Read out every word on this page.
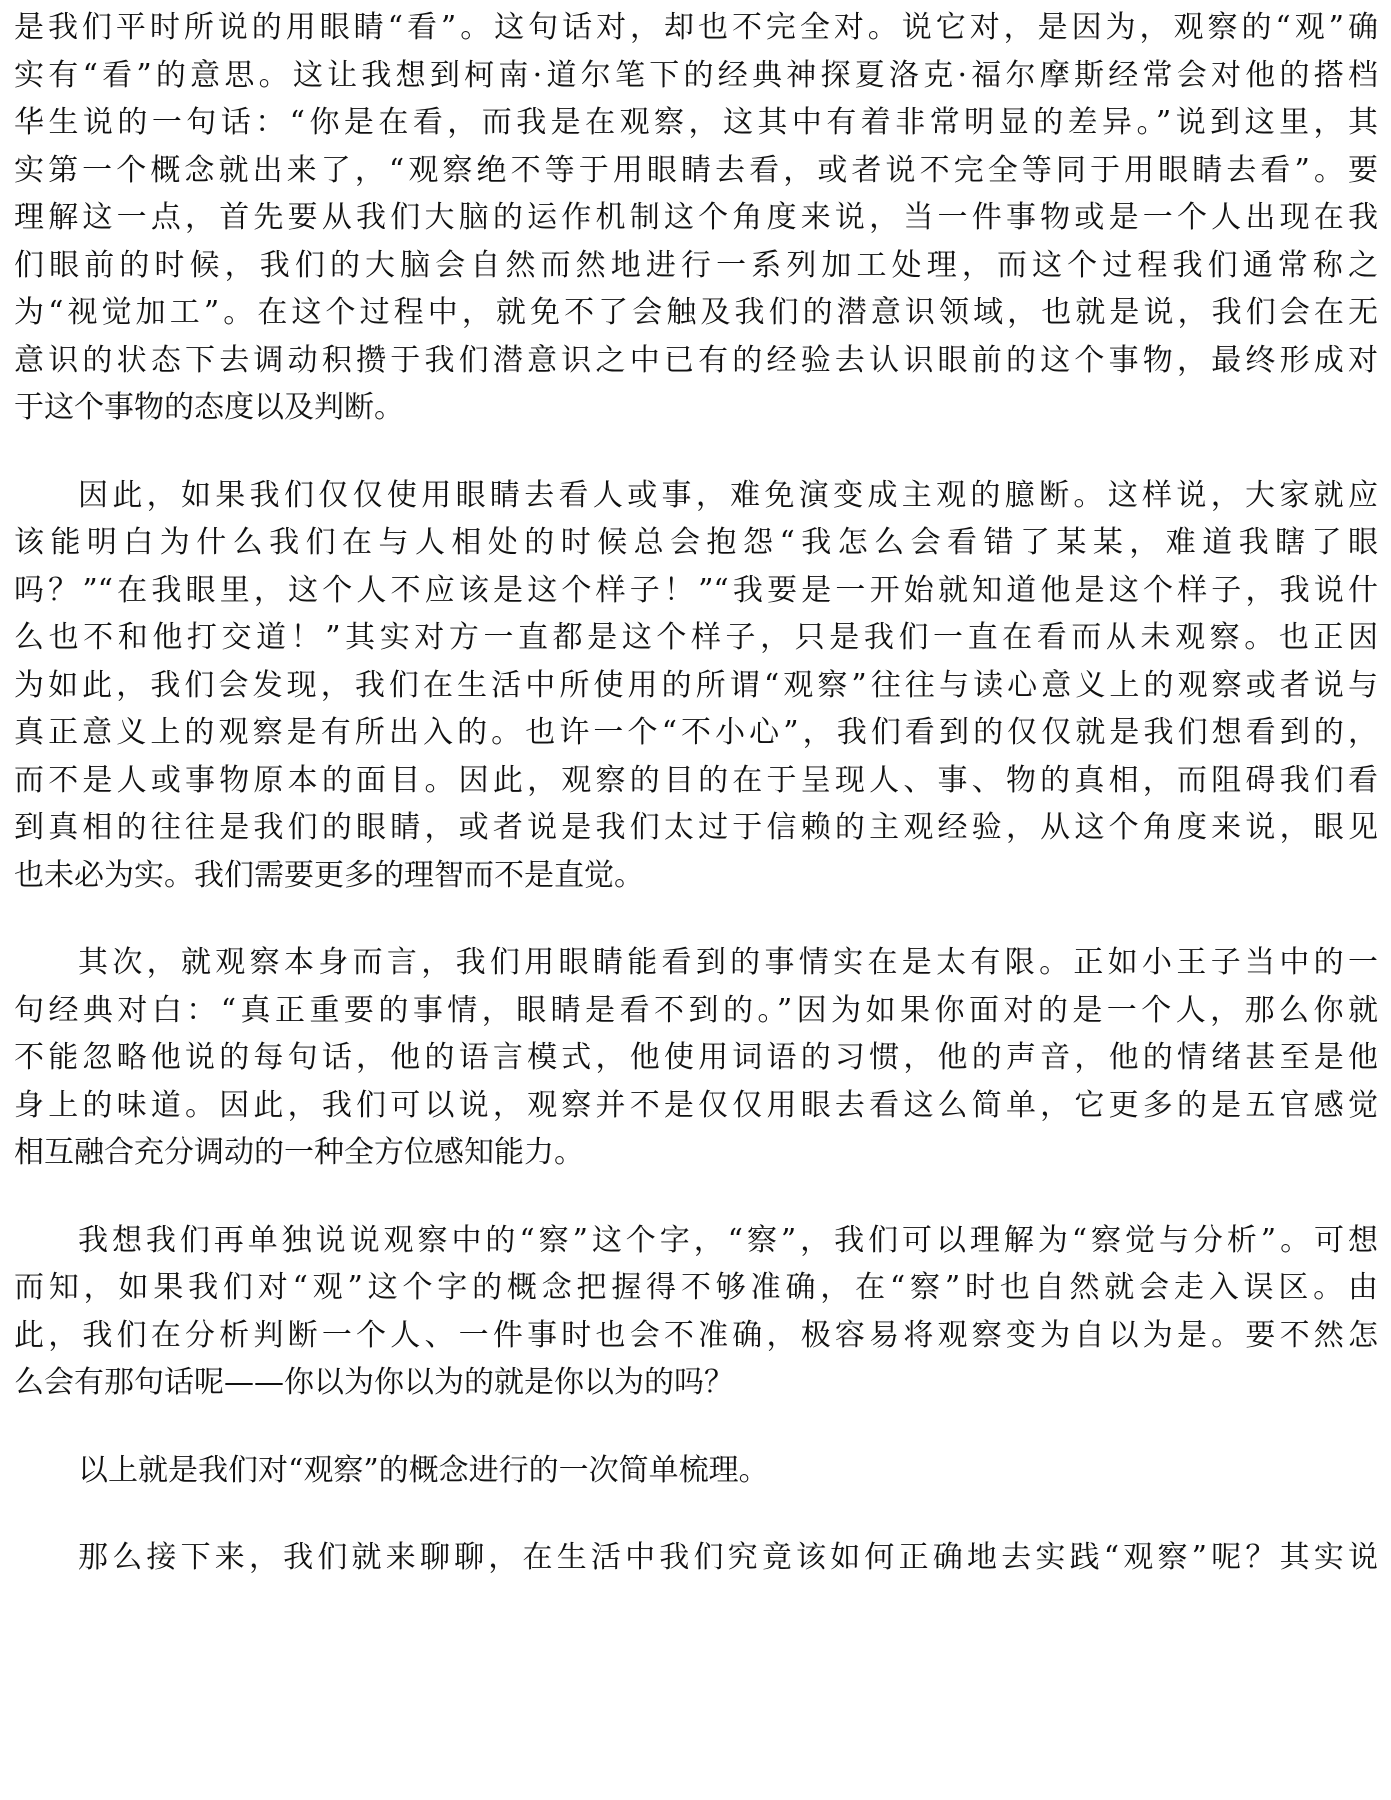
是我们平时所说的用眼睛“看”。这句话对，却也不完全对。说它对，是因为，观察的“观”确
实有“看”的意思。这让我想到柯南·道尔笔下的经典神探夏洛克·福尔摩斯经常会对他的搭档
华生说的一句话：“你是在看，而我是在观察，这其中有着非常明显的差异。”说到这里，其
实第一个概念就出来了，“观察绝不等于用眼睛去看，或者说不完全等同于用眼睛去看”。要
理解这一点，首先要从我们大脑的运作机制这个角度来说，当一件事物或是一个人出现在我
们眼前的时候，我们的大脑会自然而然地进行一系列加工处理，而这个过程我们通常称之
为“视觉加工”。在这个过程中，就免不了会触及我们的潜意识领域，也就是说，我们会在无
意识的状态下去调动积攒于我们潜意识之中已有的经验去认识眼前的这个事物，最终形成对
于这个事物的态度以及判断。
因此，如果我们仅仅使用眼睛去看人或事，难免演变成主观的臆断。这样说，大家就应
该能明白为什么我们在与人相处的时候总会抱怨“我怎么会看错了某某，难道我瞎了眼
吗？”“在我眼里，这个人不应该是这个样子！”“我要是一开始就知道他是这个样子，我说什
么也不和他打交道！”其实对方一直都是这个样子，只是我们一直在看而从未观察。也正因
为如此，我们会发现，我们在生活中所使用的所谓“观察”往往与读心意义上的观察或者说与
真正意义上的观察是有所出入的。也许一个“不小心”，我们看到的仅仅就是我们想看到的，
而不是人或事物原本的面目。因此，观察的目的在于呈现人、事、物的真相，而阻碍我们看
到真相的往往是我们的眼睛，或者说是我们太过于信赖的主观经验，从这个角度来说，眼见
也未必为实。我们需要更多的理智而不是直觉。
其次，就观察本身而言，我们用眼睛能看到的事情实在是太有限。正如小王子当中的一
句经典对白：“真正重要的事情，眼睛是看不到的。”因为如果你面对的是一个人，那么你就
不能忽略他说的每句话，他的语言模式，他使用词语的习惯，他的声音，他的情绪甚至是他
身上的味道。因此，我们可以说，观察并不是仅仅用眼去看这么简单，它更多的是五官感觉
相互融合充分调动的一种全方位感知能力。
我想我们再单独说说观察中的“察”这个字，“察”，我们可以理解为“察觉与分析”。可想
而知，如果我们对“观”这个字的概念把握得不够准确，在“察”时也自然就会走入误区。由
此，我们在分析判断一个人、一件事时也会不准确，极容易将观察变为自以为是。要不然怎
么会有那句话呢——你以为你以为的就是你以为的吗？
以上就是我们对“观察”的概念进行的一次简单梳理。
那么接下来，我们就来聊聊，在生活中我们究竟该如何正确地去实践“观察”呢？其实说
